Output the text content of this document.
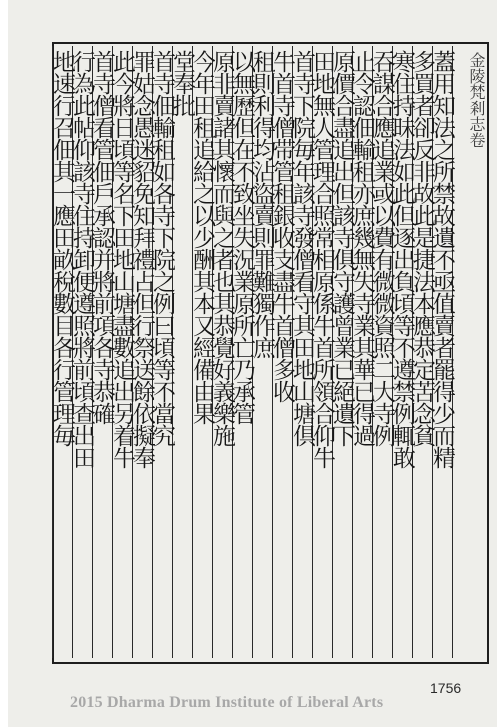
蓋用知法之所禁故遺不亟值賣者罷得少而精
多買者卻反非故此是捷法本應恭定苦念貧
寒住持昧法如此但逐出負頃等不遵禁例輒敢
吞謀合應追業或以費有微微資照二大寺例
止令認佃輸租亦庶幾無失寺業其華已得過
原價合盡追出但該寺俱守護曾業已絕遺下
田地無人管理合照常相原係牛首所領合仰牛
首寺下院毎年該寺發僧看守其田地山塘倶
牛首寺僧带管租銀收支盡牛首僧多收
租則利得均沾盜賣則罪難獨作庶
以無歷但在不致坐失況業原所亡乃承管
原非賣諸其懷而與之者也其恭覺好義樂施
今年田租追給之以少酬其本又經備由果
堂奉批
首寺佃輸租如各寺下院之例曰頃等不當究
罪姑念愚迷貂免知拜禮占但行祭送餘依擬奉
此今將日頃等名下田地山塘盡數追出另着牛
首寺僧看管佃戶承認并將前項各寺恭確
行為此帖仰該寺住持卸便遵照將前頃查出田
地速行召佃其一應田畝稅數目各行管理毎	金陵梵剎志卷
2015 Dharma Drum Institute of Liberal Arts
1756
